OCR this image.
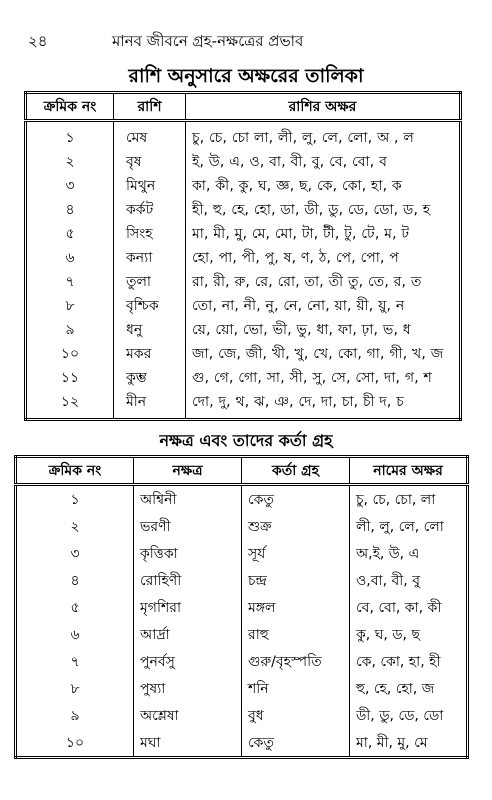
২৪	মানব জীবনে গ্রহ-নক্ষত্রের প্রভাব
রাশি অনুসারে অক্ষরের তালিকা
ক্রমিক নং	রাশি	রাশির অক্ষর
১	মেষ	চু, চে, চো লা, লী, লু, লে, লো, অ , ল
২	বৃষ	ই, উ, এ, ও, বা, বী, বু, বে, বো, ব
৩	মিথুন	কা, কী, কু, ঘ, জ্ঞ, ছ, কে, কো, হা, ক
৪	কর্কট	হী, হু, হে, হো, ডা, ডী, ডু, ডে, ডো, ড, হ
৫	সিংহ	মা, মী, মু, মে, মো, টা, টী, টু, টে, ম, ট
৬	কন্যা	হো, পা, পী, পু, ষ, ণ, ঠ, পে, পো, প
৭	তুলা	রা, রী, রু, রে, রো, তা, তী তু, তে, র, ত
৮	বৃশ্চিক	তো, না, নী, নু, নে, নো, য়া, য়ী, য়ু, ন
৯	ধনু	য়ে, য়ো, ভো, ভী, ভু, ধা, ফা, ঢ়া, ভ, ধ
১০	মকর	জা, জে, জী, খী, খু, খে, কো, গা, গী, খ, জ
১১	কুম্ভ	গু, গে, গো, সা, সী, সু, সে, সো, দা, গ, শ
১২	মীন	দো, দু, থ, ঝ, ঞ, দে, দা, চা, চী দ, চ
নক্ষত্র এবং তাদের কর্তা গ্রহ
ক্রমিক নং	নক্ষত্র	কর্তা গ্রহ	নামের অক্ষর
১	অশ্বিনী	কেতু	চু, চে, চো, লা
২	ভরণী	শুক্র	লী, লু, লে, লো
৩	কৃত্তিকা	সূর্য	অ,ই, উ, এ
৪	রোহিণী	চন্দ্র	ও,বা, বী, বু
৫	মৃগশিরা	মঙ্গল	বে, বো, কা, কী
৬	আর্দ্রা	রাহু	কু, ঘ, ড, ছ
৭	পুনর্বসু	গুরু/বৃহস্পতি	কে, কো, হা, হী
৮	পুষ্যা	শনি	হু, হে, হো, জ
৯	অশ্লেষা	বুধ	ডী, ডু, ডে, ডো
১০	মঘা	কেতু	মা, মী, মু, মে
